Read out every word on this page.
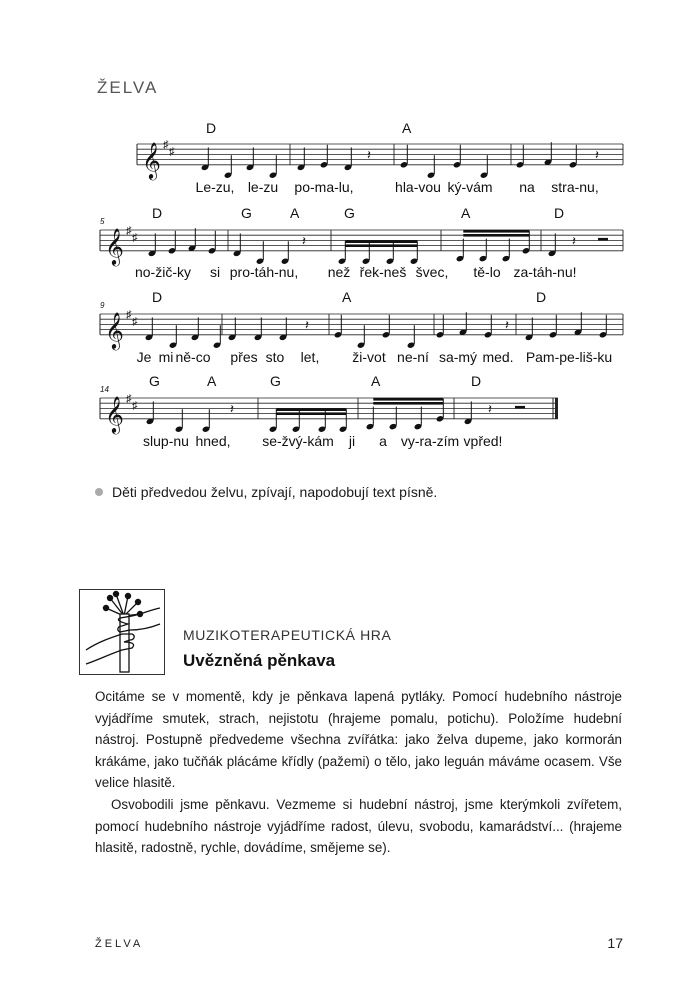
ŽELVA
𝄽	𝄽
𝄽	𝄽
𝄽	𝄽
𝄽	𝄽
𝄞 ♯
♯
D	A
Le-zu, le-zu po-ma-lu,	hla-vou ký-vám na stra-nu,
𝄞 ♯
♯
5
D	G	A	G	A	D
no-žič-ky si pro-táh-nu, než řek-neš švec, tě-lo za-táh-nu!
𝄞 ♯
♯
9
D	A	D
Je mi ně-co přes sto let, ži-vot ne-ní sa-mý med. Pam-pe-liš-ku
𝄞 ♯
♯
14
G	A	G	A	D
slup-nu hned, se-žvý-kám ji a vy-ra-zím vpřed!
Děti předvedou želvu, zpívají, napodobují text písně.
MUZIKOTERAPEUTICKÁ HRA
Uvězněná pěnkava

Ocitáme se v momentě, kdy je pěnkava lapená pytláky. Pomocí hudebního nástroje vyjádříme smutek, strach, nejistotu (hrajeme pomalu, potichu). Položíme hudební nástroj. Postupně předvedeme všechna zvířátka: jako želva dupeme, jako kormorán krákáme, jako tučňák plácáme křídly (pažemi) o tělo, jako leguán máváme ocasem. Vše velice hlasitě.

Osvobodili jsme pěnkavu. Vezmeme si hudební nástroj, jsme kterýmkoli zvířetem, pomocí hudebního nástroje vyjádříme radost, úlevu, svobodu, kamarádství... (hrajeme hlasitě, radostně, rychle, dovádíme, smějeme se).

ŽELVA	17
